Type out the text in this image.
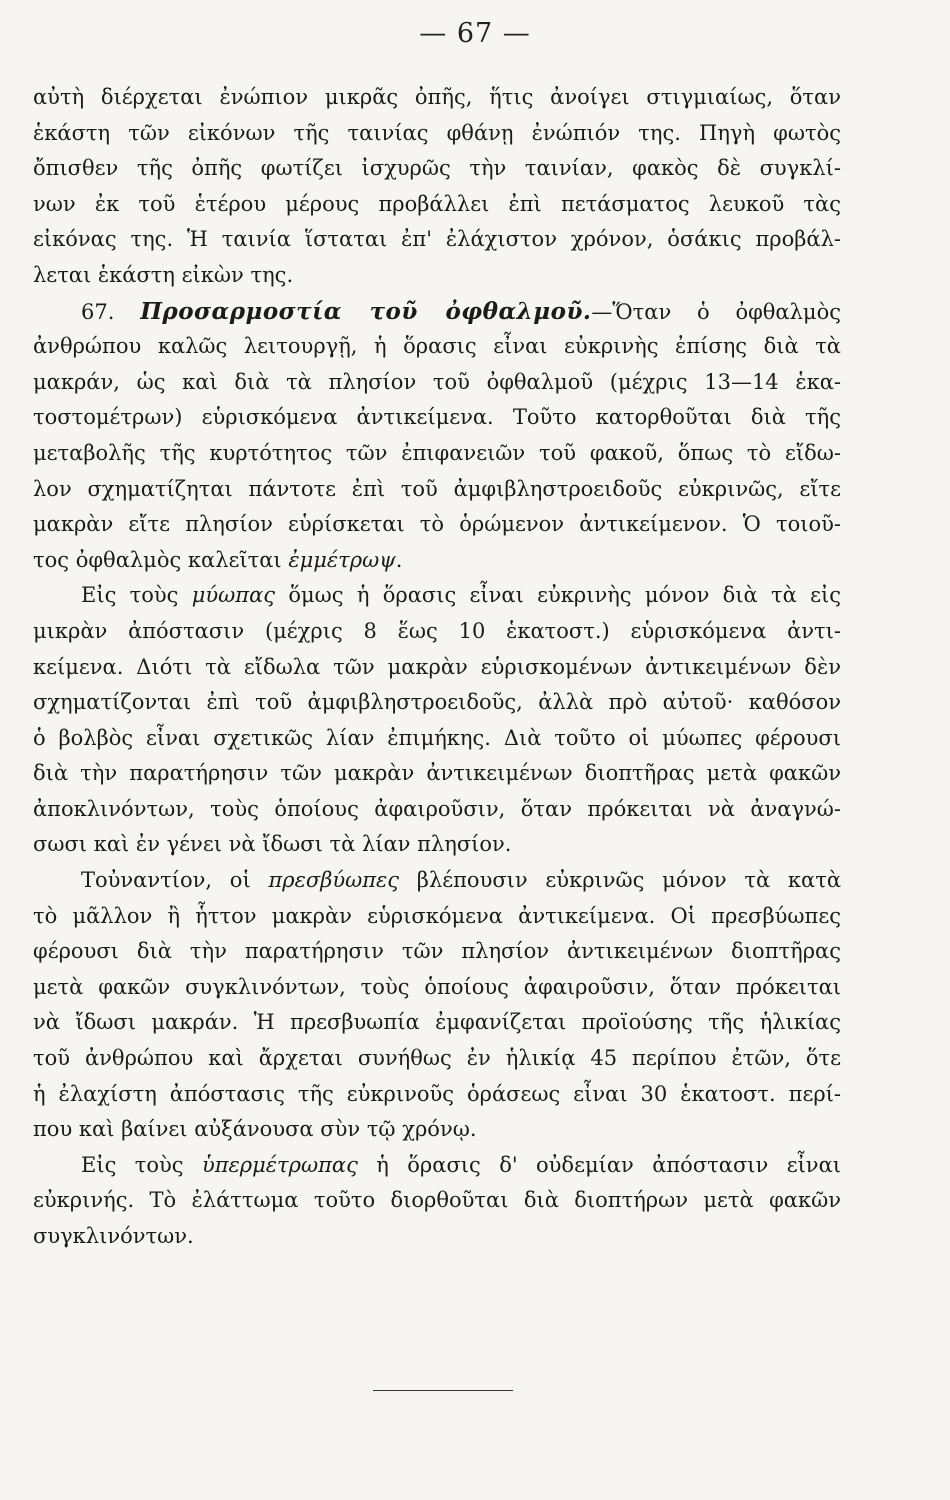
— 67 —
αὐτὴ διέρχεται ἐνώπιον μικρᾶς ὀπῆς, ἥτις ἀνοίγει στιγμιαίως, ὅταν
ἑκάστη τῶν εἰκόνων τῆς ταινίας φθάνῃ ἐνώπιόν της. Πηγὴ φωτὸς
ὄπισθεν τῆς ὀπῆς φωτίζει ἰσχυρῶς τὴν ταινίαν, φακὸς δὲ συγκλί-
νων ἐκ τοῦ ἑτέρου μέρους προβάλλει ἐπὶ πετάσματος λευκοῦ τὰς
εἰκόνας της. Ἡ ταινία ἵσταται ἐπ' ἐλάχιστον χρόνον, ὁσάκις προβάλ-
λεται ἑκάστη εἰκὼν της.
67. Προσαρμοστία τοῦ ὀφθαλμοῦ.—Ὅταν ὁ ὀφθαλμὸς
ἀνθρώπου καλῶς λειτουργῇ, ἡ ὅρασις εἶναι εὐκρινὴς ἐπίσης διὰ τὰ
μακράν, ὡς καὶ διὰ τὰ πλησίον τοῦ ὀφθαλμοῦ (μέχρις 13—14 ἑκα-
τοστομέτρων) εὑρισκόμενα ἀντικείμενα. Τοῦτο κατορθοῦται διὰ τῆς
μεταβολῆς τῆς κυρτότητος τῶν ἐπιφανειῶν τοῦ φακοῦ, ὅπως τὸ εἴδω-
λον σχηματίζηται πάντοτε ἐπὶ τοῦ ἀμφιβληστροειδοῦς εὐκρινῶς, εἴτε
μακρὰν εἴτε πλησίον εὑρίσκεται τὸ ὁρώμενον ἀντικείμενον. Ὁ τοιοῦ-
τος ὀφθαλμὸς καλεῖται ἐμμέτρωψ.
Εἰς τοὺς μύωπας ὅμως ἡ ὅρασις εἶναι εὐκρινὴς μόνον διὰ τὰ εἰς
μικρὰν ἀπόστασιν (μέχρις 8 ἕως 10 ἑκατοστ.) εὑρισκόμενα ἀντι-
κείμενα. Διότι τὰ εἴδωλα τῶν μακρὰν εὑρισκομένων ἀντικειμένων δὲν
σχηματίζονται ἐπὶ τοῦ ἀμφιβληστροειδοῦς, ἀλλὰ πρὸ αὐτοῦ· καθόσον
ὁ βολβὸς εἶναι σχετικῶς λίαν ἐπιμήκης. Διὰ τοῦτο οἱ μύωπες φέρουσι
διὰ τὴν παρατήρησιν τῶν μακρὰν ἀντικειμένων διοπτῆρας μετὰ φακῶν
ἀποκλινόντων, τοὺς ὁποίους ἀφαιροῦσιν, ὅταν πρόκειται νὰ ἀναγνώ-
σωσι καὶ ἐν γένει νὰ ἴδωσι τὰ λίαν πλησίον.
Τοὐναντίον, οἱ πρεσβύωπες βλέπουσιν εὐκρινῶς μόνον τὰ κατὰ
τὸ μᾶλλον ἢ ἧττον μακρὰν εὑρισκόμενα ἀντικείμενα. Οἱ πρεσβύωπες
φέρουσι διὰ τὴν παρατήρησιν τῶν πλησίον ἀντικειμένων διοπτῆρας
μετὰ φακῶν συγκλινόντων, τοὺς ὁποίους ἀφαιροῦσιν, ὅταν πρόκειται
νὰ ἴδωσι μακράν. Ἡ πρεσβυωπία ἐμφανίζεται προϊούσης τῆς ἡλικίας
τοῦ ἀνθρώπου καὶ ἄρχεται συνήθως ἐν ἡλικίᾳ 45 περίπου ἐτῶν, ὅτε
ἡ ἐλαχίστη ἀπόστασις τῆς εὐκρινοῦς ὁράσεως εἶναι 30 ἑκατοστ. περί-
που καὶ βαίνει αὐξάνουσα σὺν τῷ χρόνῳ.
Εἰς τοὺς ὑπερμέτρωπας ἡ ὅρασις δ' οὐδεμίαν ἀπόστασιν εἶναι
εὐκρινής. Τὸ ἐλάττωμα τοῦτο διορθοῦται διὰ διοπτήρων μετὰ φακῶν
συγκλινόντων.
